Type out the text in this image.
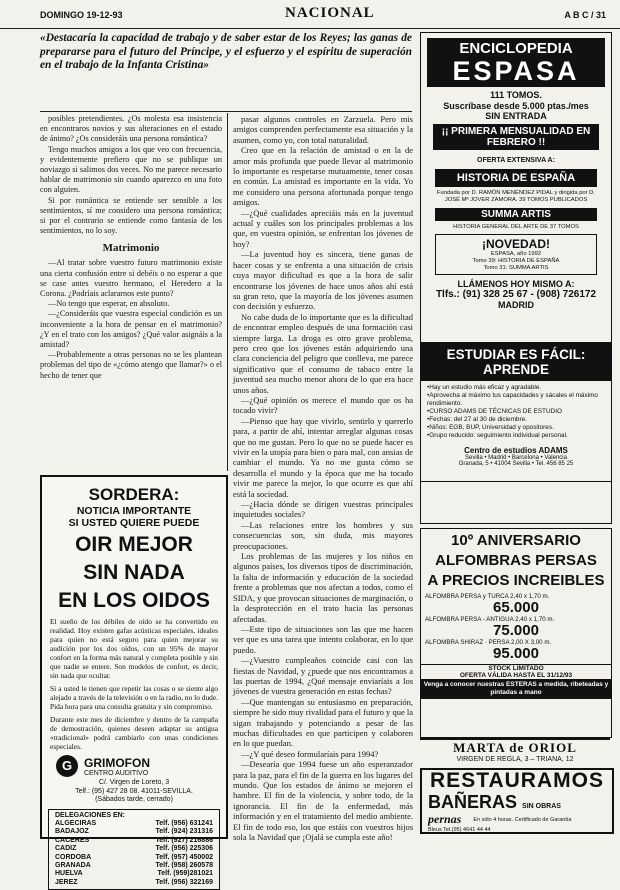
DOMINGO 19-12-93	NACIONAL	A B C / 31
«Destacaría la capacidad de trabajo y de saber estar de los Reyes; las ganas de prepararse para el futuro del Príncipe, y el esfuerzo y el espíritu de superación en el trabajo de la Infanta Cristina»

posibles pretendientes. ¿Os molesta esa insistencia en encontraros novios y sus alteraciones en el estado de ánimo? ¿Os consideráis una persona romántica?

Tengo muchos amigos a los que veo con frecuencia, y evidentemente prefiero que no se publique un noviazgo si salimos dos veces. No me parece necesario hablar de matrimonio sin cuando aparezco en una foto con alguien.

Si por romántica se entiende ser sensible a los sentimientos, sí me considero una persona romántica; si por el contrario se entiende como fantasía de los sentimientos, no lo soy.

Matrimonio

—Al tratar sobre vuestro futuro matrimonio existe una cierta confusión entre si debéis o no esperar a que se case antes vuestro hermano, el Heredero a la Corona. ¿Podríais aclararnos este punto?

—No tengo que esperar, en absoluto.

—¿Consideráis que vuestra especial condición es un inconveniente a la hora de pensar en el matrimonio? ¿Y en el trato con los amigos? ¿Qué valor asignáis a la amistad?

—Probablemente a otras personas no se les plantean problemas del tipo de «¿cómo atengo que llamar?» o el hecho de tener que

pasar algunos controles en Zarzuela. Pero mis amigos comprenden perfectamente esa situación y la asumen, como yo, con total naturalidad.

Creo que en la relación de amistad o en la de amor más profunda que puede llevar al matrimonio lo importante es respetarse mutuamente, tener cosas en común. La amistad es importante en la vida. Yo me considero una persona afortunada porque tengo amigos.

—¿Qué cualidades apreciáis más en la juventud actual y cuáles son los principales problemas a los que, en vuestra opinión, se enfrentan los jóvenes de hoy?

—La juventud hoy es sincera, tiene ganas de hacer cosas y se enfrenta a una situación de crisis cuya mayor dificultad es que a la hora de salir encontrarse los jóvenes de hace unos años ahí está su gran reto, que la mayoría de los jóvenes asumen con decisión y esfuerzo.

No cabe duda de lo importante que es la dificultad de encontrar empleo después de una formación casi siempre larga. La droga es otro grave problema, pero creo que los jóvenes están adquiriendo una clara conciencia del peligro que conlleva, me parece significativo que el consumo de tabaco entre la juventud sea mucho menor ahora de lo que era hace unos años.

—¿Qué opinión os merece el mundo que os ha tocado vivir?

—Pienso que hay que vivirlo, sentirlo y quererlo para, a partir de ahí, intentar arreglar algunas cosas que no me gustan. Pero lo que no se puede hacer es vivir en la utopía para bien o para mal, con ansias de cambiar el mundo. Ya no me gusta cómo se desarrolla el mundo y la época que me ha tocado vivir me parece la mejor, lo que ocurre es que ahí está la sociedad.

—¿Hacia dónde se dirigen vuestras principales inquietudes sociales?

—Las relaciones entre los hombres y sus consecuencias son, sin duda, mis mayores preocupaciones.

Los problemas de las mujeres y los niños en algunos países, los diversos tipos de discriminación, la falta de información y educación de la sociedad frente a problemas que nos afectan a todos, como el SIDA, y que provocan situaciones de marginación, o la desprotección en el trato hacia las personas afectadas.

—Este tipo de situaciones son las que me hacen ver que es una tarea que intento colaborar, en lo que puedo.

—¿Vuestro cumpleaños coincide casi con las fiestas de Navidad, y ¿puede que nos encontramos a las puertas de 1994, ¿Qué mensaje enviaríais a los jóvenes de vuestra generación en estas fechas?

—Que mantengan su entusiasmo en preparación, siempre he sido muy rivalidad para el futuro y que la sigan trabajando y potenciando a pesar de las muchas dificultades en que participen y colaboren en lo que puedan.

—¿Y qué deseo formularíais para 1994?

—Desearía que 1994 fuese un año esperanzador para la paz, para el fin de la guerra en los lugares del mundo. Que los estados de ánimo se mejoren el hambre. El fin de la violencia, y sobre todo, de la ignorancia. El fin de la enfermedad, más información y en el tratamiento del medio ambiente. El fin de todo eso, los que estáis con vuestros hijos sola la Navidad que ¡Ojalá se cumpla este año!

SORDERA:
NOTICIA IMPORTANTE
SI USTED QUIERE PUEDE
OIR MEJOR
SIN NADA
EN LOS OIDOS
El sueño de los débiles de oído se ha convertido en realidad. Hoy existen gafas acústicas especiales, ideales para quien no está seguro para quien mejorar su audición por los dos oídos, con un 95% de mayor confort en la forma más natural y completa posible y sin que nadie se entere. Son modelos de confort, es decir, sin nada que ocultar.
Si a usted le tienen que repetir las cosas o se siente algo alejado a través de la televisión o en la radio, no lo dude. Pida hora para una consulta gratuita y sin compromiso.
Durante este mes de diciembre y dentro de la campaña de demostración, quienes deseen adaptar su antigua «tradicional» podrá cambiarlo con unas condiciones especiales.
G GRIMOFON
CENTRO AUDITIVO
C/. Virgen de Loreto, 3
Telf.: (95) 427 28 08. 41011-SEVILLA.
(Sábados tarde, cerrado)
DELEGACIONES EN:
ALGECIRAS	Telf. (956) 631241
BADAJOZ	Telf. (924) 231316
CACERES	Telf. (927) 216886
CADIZ	Telf. (956) 225306
CORDOBA	Telf. (957) 450002
GRANADA	Telf. (958) 260578
HUELVA	Telf. (959)281021
JEREZ	Telf. (956) 322169
ENCICLOPEDIA
ESPASA
111 TOMOS.
Suscríbase desde 5.000 ptas./mes
SIN ENTRADA
¡¡ PRIMERA MENSUALIDAD EN FEBRERO !!
OFERTA EXTENSIVA A:
HISTORIA DE ESPAÑA
Fundada por D. RAMÓN MENÉNDEZ PIDAL y dirigida por D. JOSÉ Mª JOVER ZAMORA. 39 TOMOS PUBLICADOS
SUMMA ARTIS
HISTORIA GENERAL DEL ARTE DE 37 TOMOS
¡NOVEDAD!
ESPASA, año 1992
Tomo 39: HISTORIA DE ESPAÑA
Tomo 31: SUMMA ARTIS
LLÁMENOS HOY MISMO A:
Tlfs.: (91) 328 25 67 - (908) 726172
MADRID
ESTUDIAR ES FÁCIL: APRENDE
• Hay un estudio más eficaz y agradable.
• Aprovecha al máximo tus capacidades y sácales el máximo rendimiento.
• CURSO ADAMS DE TÉCNICAS DE ESTUDIO
• Fechas: del 27 al 30 de diciembre.
• Niños: EGB, BUP, Universidad y opositores.
• Grupo reducido: seguimiento individual personal.
Centro de estudios ADAMS
Sevilla • Madrid • Barcelona • Valencia
Granada, 5 • 41004 Sevilla • Tel. 456 85 25
10º ANIVERSARIO
ALFOMBRAS PERSAS
A PRECIOS INCREIBLES
ALFOMBRA PERSA y TURCA 2,40 x 1,70 m.
65.000
ALFOMBRA PERSA - ANTIGUA 2,40 x 1,70 m.
75.000
ALFOMBRA SHIRAZ · PERSA 2,00 X 3,00 m.
95.000
STOCK LIMITADO
OFERTA VÁLIDA HASTA EL 31/12/93
Venga a conocer nuestras ESTERAS a medida, ribeteadas y pintadas a mano
MARTA de ORIOL
VIRGEN DE REGLA, 3 – TRIANA, 12
RESTAURAMOS
BAÑERAS SIN OBRAS
pernas	En sólo 4 horas. Certificado de Garantía
Bleus Tel.(95) 4641 44 44
